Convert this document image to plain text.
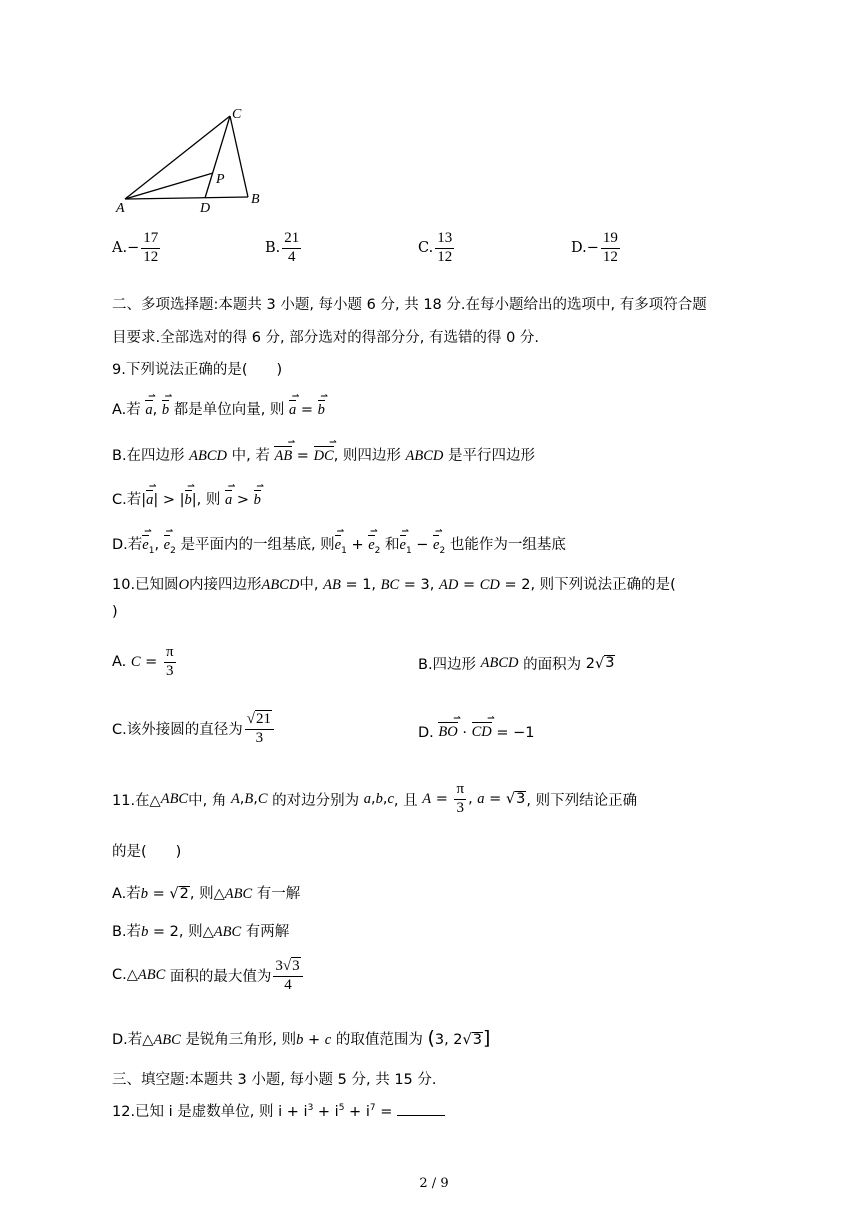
C
P
A	D
B
A. − $\frac{17}{12}$	B. $\frac{21}{4}$	C. $\frac{13}{12}$	D. − $\frac{19}{12}$
二、多项选择题:本题共 3 小题, 每小题 6 分, 共 18 分.在每小题给出的选项中, 有多项符合题
目要求.全部选对的得 6 分, 部分选对的得部分分, 有选错的得 0 分.
9.下列说法正确的是(　　)
A.若 a ⇀, b ⇀ 都是单位向量, 则 a ⇀ = b ⇀
B.在四边形 ABCD 中, 若 AB ⇀ = DC ⇀, 则四边形 ABCD 是平行四边形
C.若|a ⇀| > |b ⇀|, 则 a ⇀ > b ⇀
D.若e $⇀_1$, e $⇀_2$ 是平面内的一组基底, 则e $⇀_1 + e$ $⇀_2$ 和e $⇀_1 - e$ $⇀_2$ 也能作为一组基底
10.已知圆O内接四边形ABCD中, AB = 1, BC = 3, AD = CD = 2, 则下列说法正确的是(
)
A.
$C = \frac{\pi}{3}$	B.四边形
ABCD
的面积为 2√ 3
C.该外接圆的直径为 $\frac{√21}{3}$	D.
BO ⇀ · CD ⇀ = −1
11.在△ ABC 中, 角
A , B , C
的对边分别为
a , b , c , 且
$A = \frac{\pi}{3}$ , a = √ 3 , 则下列结论正确
的是(　　)
A.若b = √2, 则△ABC 有一解
B.若b = 2, 则△ABC 有两解
C.△ ABC
面积的最大值为 $\frac{3√3}{4}$
D.若△ABC 是锐角三角形, 则b + c 的取值范围为 (3, 2√3]
三、填空题:本题共 3 小题, 每小题 5 分, 共 15 分.
12.已知 i 是虚数单位, 则 $i + i^3 + i^5 + i^7$ =
2 / 9
